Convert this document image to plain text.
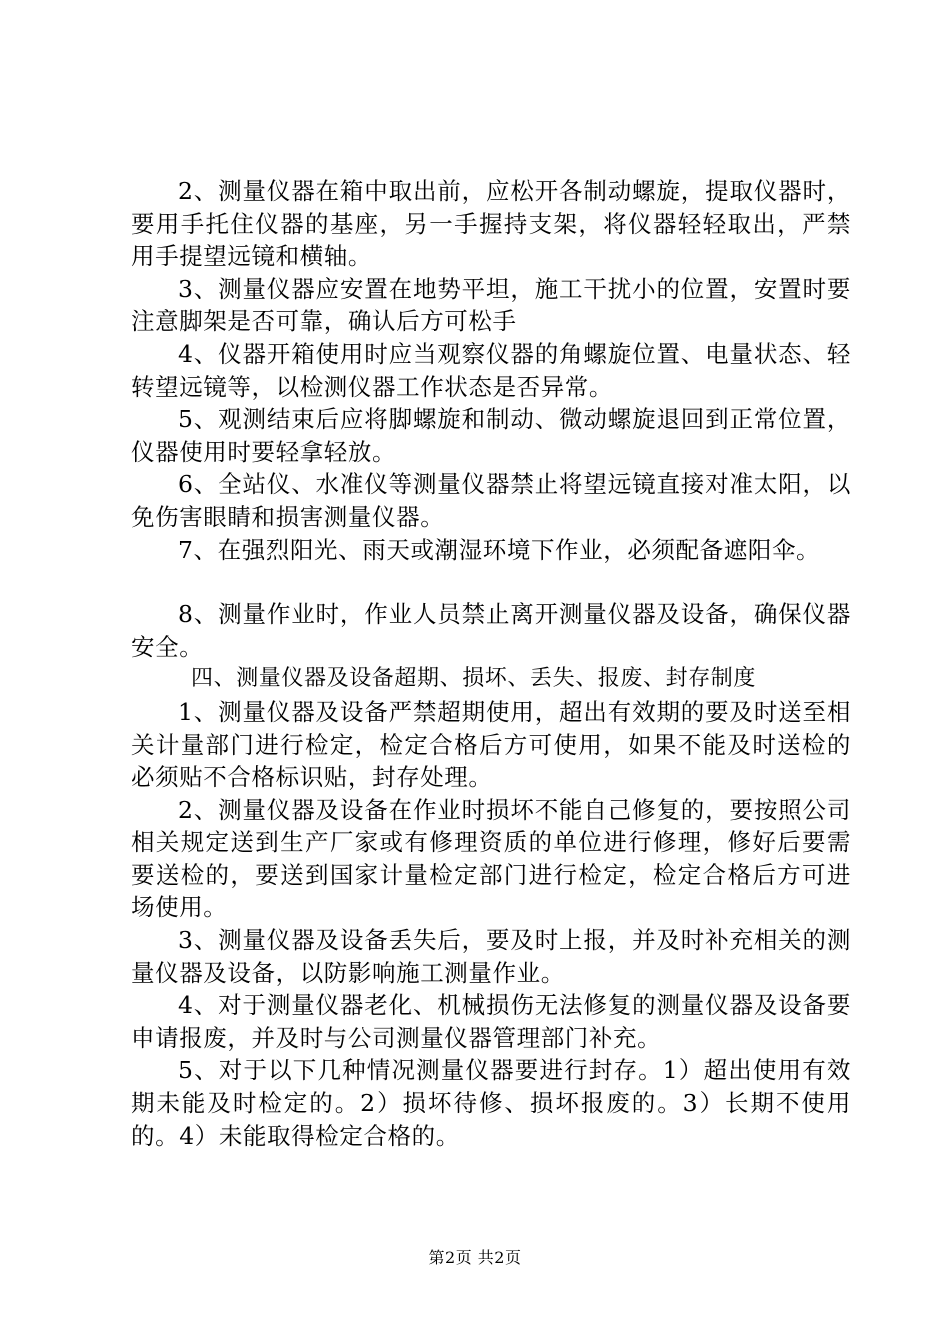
2、测量仪器在箱中取出前，应松开各制动螺旋，提取仪器时，要用手托住仪器的基座，另一手握持支架，将仪器轻轻取出，严禁用手提望远镜和横轴。

3、测量仪器应安置在地势平坦，施工干扰小的位置，安置时要注意脚架是否可靠，确认后方可松手

4、仪器开箱使用时应当观察仪器的角螺旋位置、电量状态、轻转望远镜等，以检测仪器工作状态是否异常。

5、观测结束后应将脚螺旋和制动、微动螺旋退回到正常位置，仪器使用时要轻拿轻放。

6、全站仪、水准仪等测量仪器禁止将望远镜直接对准太阳，以免伤害眼睛和损害测量仪器。

7、在强烈阳光、雨天或潮湿环境下作业，必须配备遮阳伞。

8、测量作业时，作业人员禁止离开测量仪器及设备，确保仪器安全。

四、测量仪器及设备超期、损坏、丢失、报废、封存制度

1、测量仪器及设备严禁超期使用，超出有效期的要及时送至相关计量部门进行检定，检定合格后方可使用，如果不能及时送检的必须贴不合格标识贴，封存处理。

2、测量仪器及设备在作业时损坏不能自己修复的，要按照公司相关规定送到生产厂家或有修理资质的单位进行修理，修好后要需要送检的，要送到国家计量检定部门进行检定，检定合格后方可进场使用。

3、测量仪器及设备丢失后，要及时上报，并及时补充相关的测量仪器及设备，以防影响施工测量作业。

4、对于测量仪器老化、机械损伤无法修复的测量仪器及设备要申请报废，并及时与公司测量仪器管理部门补充。

5、对于以下几种情况测量仪器要进行封存。1）超出使用有效期未能及时检定的。2）损坏待修、损坏报废的。3）长期不使用的。4）未能取得检定合格的。

第2页 共2页
